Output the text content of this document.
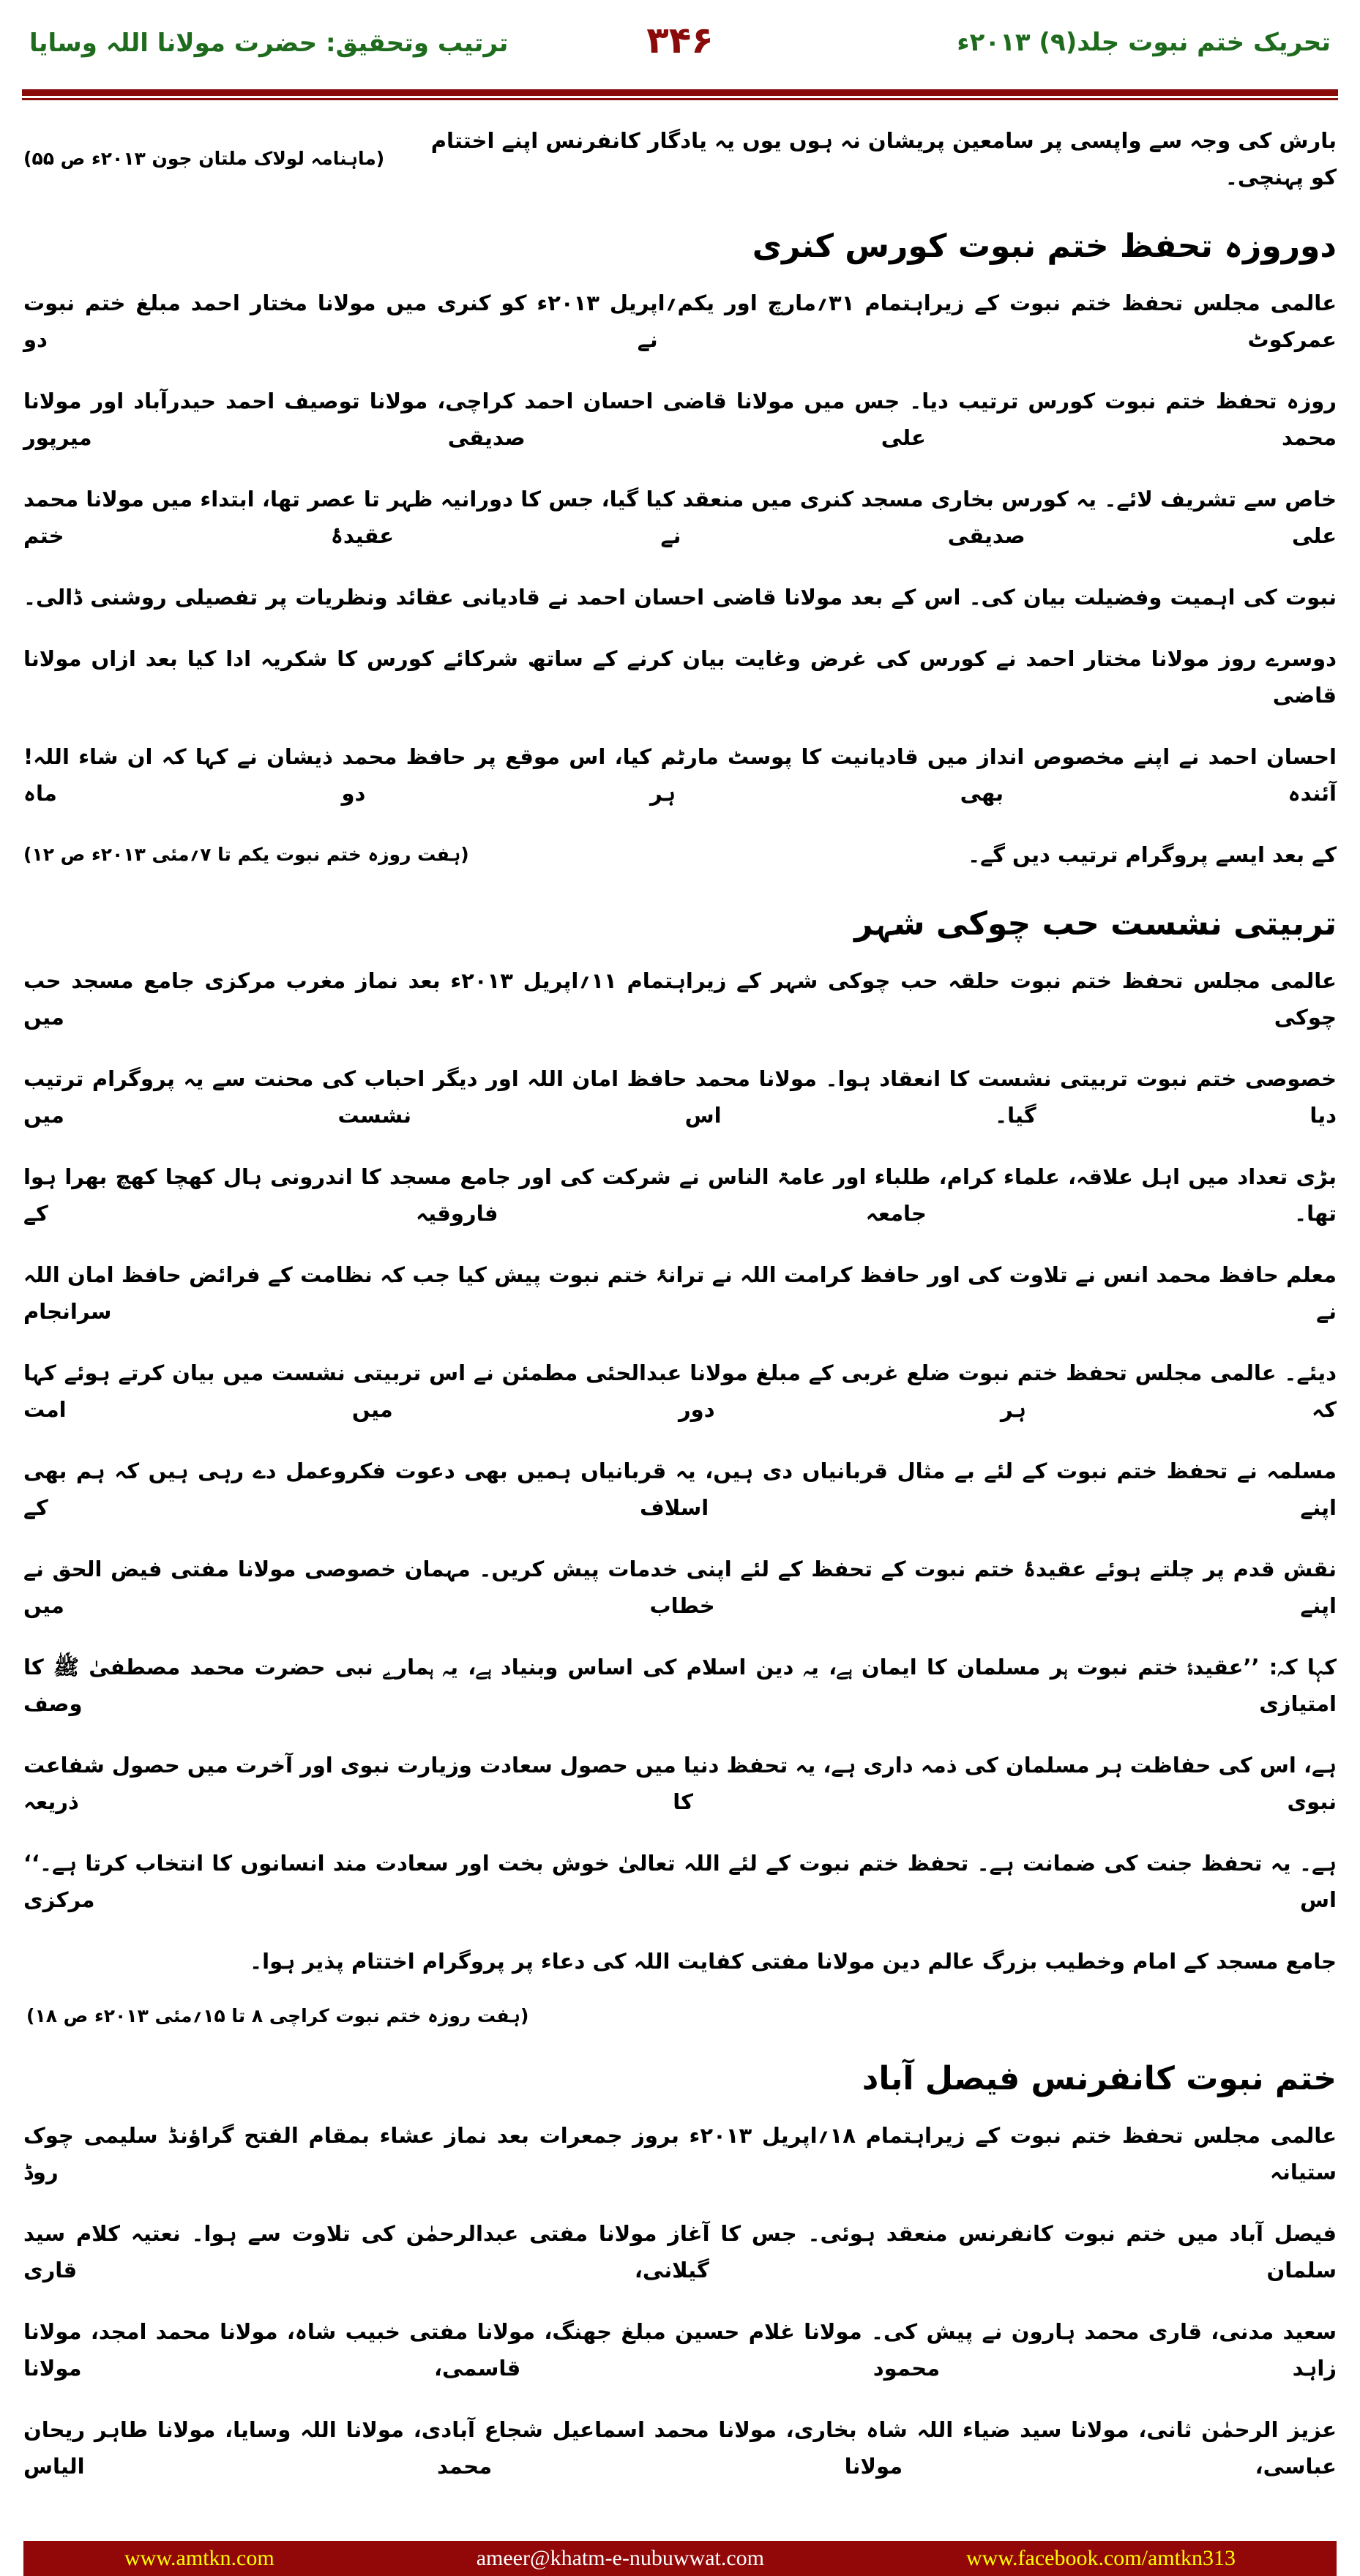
تحریک ختم نبوت جلد(۹) ۲۰۱۳ء
۳۴۶
ترتیب وتحقیق: حضرت مولانا اللہ وسایا
بارش کی وجہ سے واپسی پر سامعین پریشان نہ ہوں یوں یہ یادگار کانفرنس اپنے اختتام کو پہنچی۔
(ماہنامہ لولاک ملتان جون ۲۰۱۳ء ص ۵۵)
دوروزہ تحفظ ختم نبوت کورس کنری
عالمی مجلس تحفظ ختم نبوت کے زیراہتمام ۳۱؍مارچ اور یکم؍اپریل ۲۰۱۳ء کو کنری میں مولانا مختار احمد مبلغ ختم نبوت عمرکوٹ نے دو
روزہ تحفظ ختم نبوت کورس ترتیب دیا۔ جس میں مولانا قاضی احسان احمد کراچی، مولانا توصیف احمد حیدرآباد اور مولانا محمد علی صدیقی میرپور
خاص سے تشریف لائے۔ یہ کورس بخاری مسجد کنری میں منعقد کیا گیا، جس کا دورانیہ ظہر تا عصر تھا، ابتداء میں مولانا محمد علی صدیقی نے عقیدۂ ختم
نبوت کی اہمیت وفضیلت بیان کی۔ اس کے بعد مولانا قاضی احسان احمد نے قادیانی عقائد ونظریات پر تفصیلی روشنی ڈالی۔
دوسرے روز مولانا مختار احمد نے کورس کی غرض وغایت بیان کرنے کے ساتھ شرکائے کورس کا شکریہ ادا کیا بعد ازاں مولانا قاضی
احسان احمد نے اپنے مخصوص انداز میں قادیانیت کا پوسٹ مارٹم کیا، اس موقع پر حافظ محمد ذیشان نے کہا کہ ان شاء اللہ! آئندہ بھی ہر دو ماہ
کے بعد ایسے پروگرام ترتیب دیں گے۔
(ہفت روزہ ختم نبوت یکم تا ۷؍مئی ۲۰۱۳ء ص ۱۲)
تربیتی نشست حب چوکی شہر
عالمی مجلس تحفظ ختم نبوت حلقہ حب چوکی شہر کے زیراہتمام ۱۱؍اپریل ۲۰۱۳ء بعد نماز مغرب مرکزی جامع مسجد حب چوکی میں
خصوصی ختم نبوت تربیتی نشست کا انعقاد ہوا۔ مولانا محمد حافظ امان اللہ اور دیگر احباب کی محنت سے یہ پروگرام ترتیب دیا گیا۔ اس نشست میں
بڑی تعداد میں اہل علاقہ، علماء کرام، طلباء اور عامۃ الناس نے شرکت کی اور جامع مسجد کا اندرونی ہال کھچا کھچ بھرا ہوا تھا۔ جامعہ فاروقیہ کے
معلم حافظ محمد انس نے تلاوت کی اور حافظ کرامت اللہ نے ترانۂ ختم نبوت پیش کیا جب کہ نظامت کے فرائض حافظ امان اللہ نے سرانجام
دیئے۔ عالمی مجلس تحفظ ختم نبوت ضلع غربی کے مبلغ مولانا عبدالحئی مطمئن نے اس تربیتی نشست میں بیان کرتے ہوئے کہا کہ ہر دور میں امت
مسلمہ نے تحفظ ختم نبوت کے لئے بے مثال قربانیاں دی ہیں، یہ قربانیاں ہمیں بھی دعوت فکروعمل دے رہی ہیں کہ ہم بھی اپنے اسلاف کے
نقش قدم پر چلتے ہوئے عقیدۂ ختم نبوت کے تحفظ کے لئے اپنی خدمات پیش کریں۔ مہمان خصوصی مولانا مفتی فیض الحق نے اپنے خطاب میں
کہا کہ: ’’عقیدۂ ختم نبوت ہر مسلمان کا ایمان ہے، یہ دین اسلام کی اساس وبنیاد ہے، یہ ہمارے نبی حضرت محمد مصطفیٰ ﷺ کا امتیازی وصف
ہے، اس کی حفاظت ہر مسلمان کی ذمہ داری ہے، یہ تحفظ دنیا میں حصول سعادت وزیارت نبوی اور آخرت میں حصول شفاعت نبوی کا ذریعہ
ہے۔ یہ تحفظ جنت کی ضمانت ہے۔ تحفظ ختم نبوت کے لئے اللہ تعالیٰ خوش بخت اور سعادت مند انسانوں کا انتخاب کرتا ہے۔‘‘ اس مرکزی
جامع مسجد کے امام وخطیب بزرگ عالم دین مولانا مفتی کفایت اللہ کی دعاء پر پروگرام اختتام پذیر ہوا۔
(ہفت روزہ ختم نبوت کراچی ۸ تا ۱۵؍مئی ۲۰۱۳ء ص ۱۸)
ختم نبوت کانفرنس فیصل آباد
عالمی مجلس تحفظ ختم نبوت کے زیراہتمام ۱۸؍اپریل ۲۰۱۳ء بروز جمعرات بعد نماز عشاء بمقام الفتح گراؤنڈ سلیمی چوک ستیانہ روڈ
فیصل آباد میں ختم نبوت کانفرنس منعقد ہوئی۔ جس کا آغاز مولانا مفتی عبدالرحمٰن کی تلاوت سے ہوا۔ نعتیہ کلام سید سلمان گیلانی، قاری
سعید مدنی، قاری محمد ہارون نے پیش کی۔ مولانا غلام حسین مبلغ جھنگ، مولانا مفتی خبیب شاہ، مولانا محمد امجد، مولانا زاہد محمود قاسمی، مولانا
عزیز الرحمٰن ثانی، مولانا سید ضیاء اللہ شاہ بخاری، مولانا محمد اسماعیل شجاع آبادی، مولانا اللہ وسایا، مولانا طاہر ریحان عباسی، مولانا محمد الیاس
www.amtkn.com	ameer@khatm-e-nubuwwat.com	www.facebook.com/amtkn313
